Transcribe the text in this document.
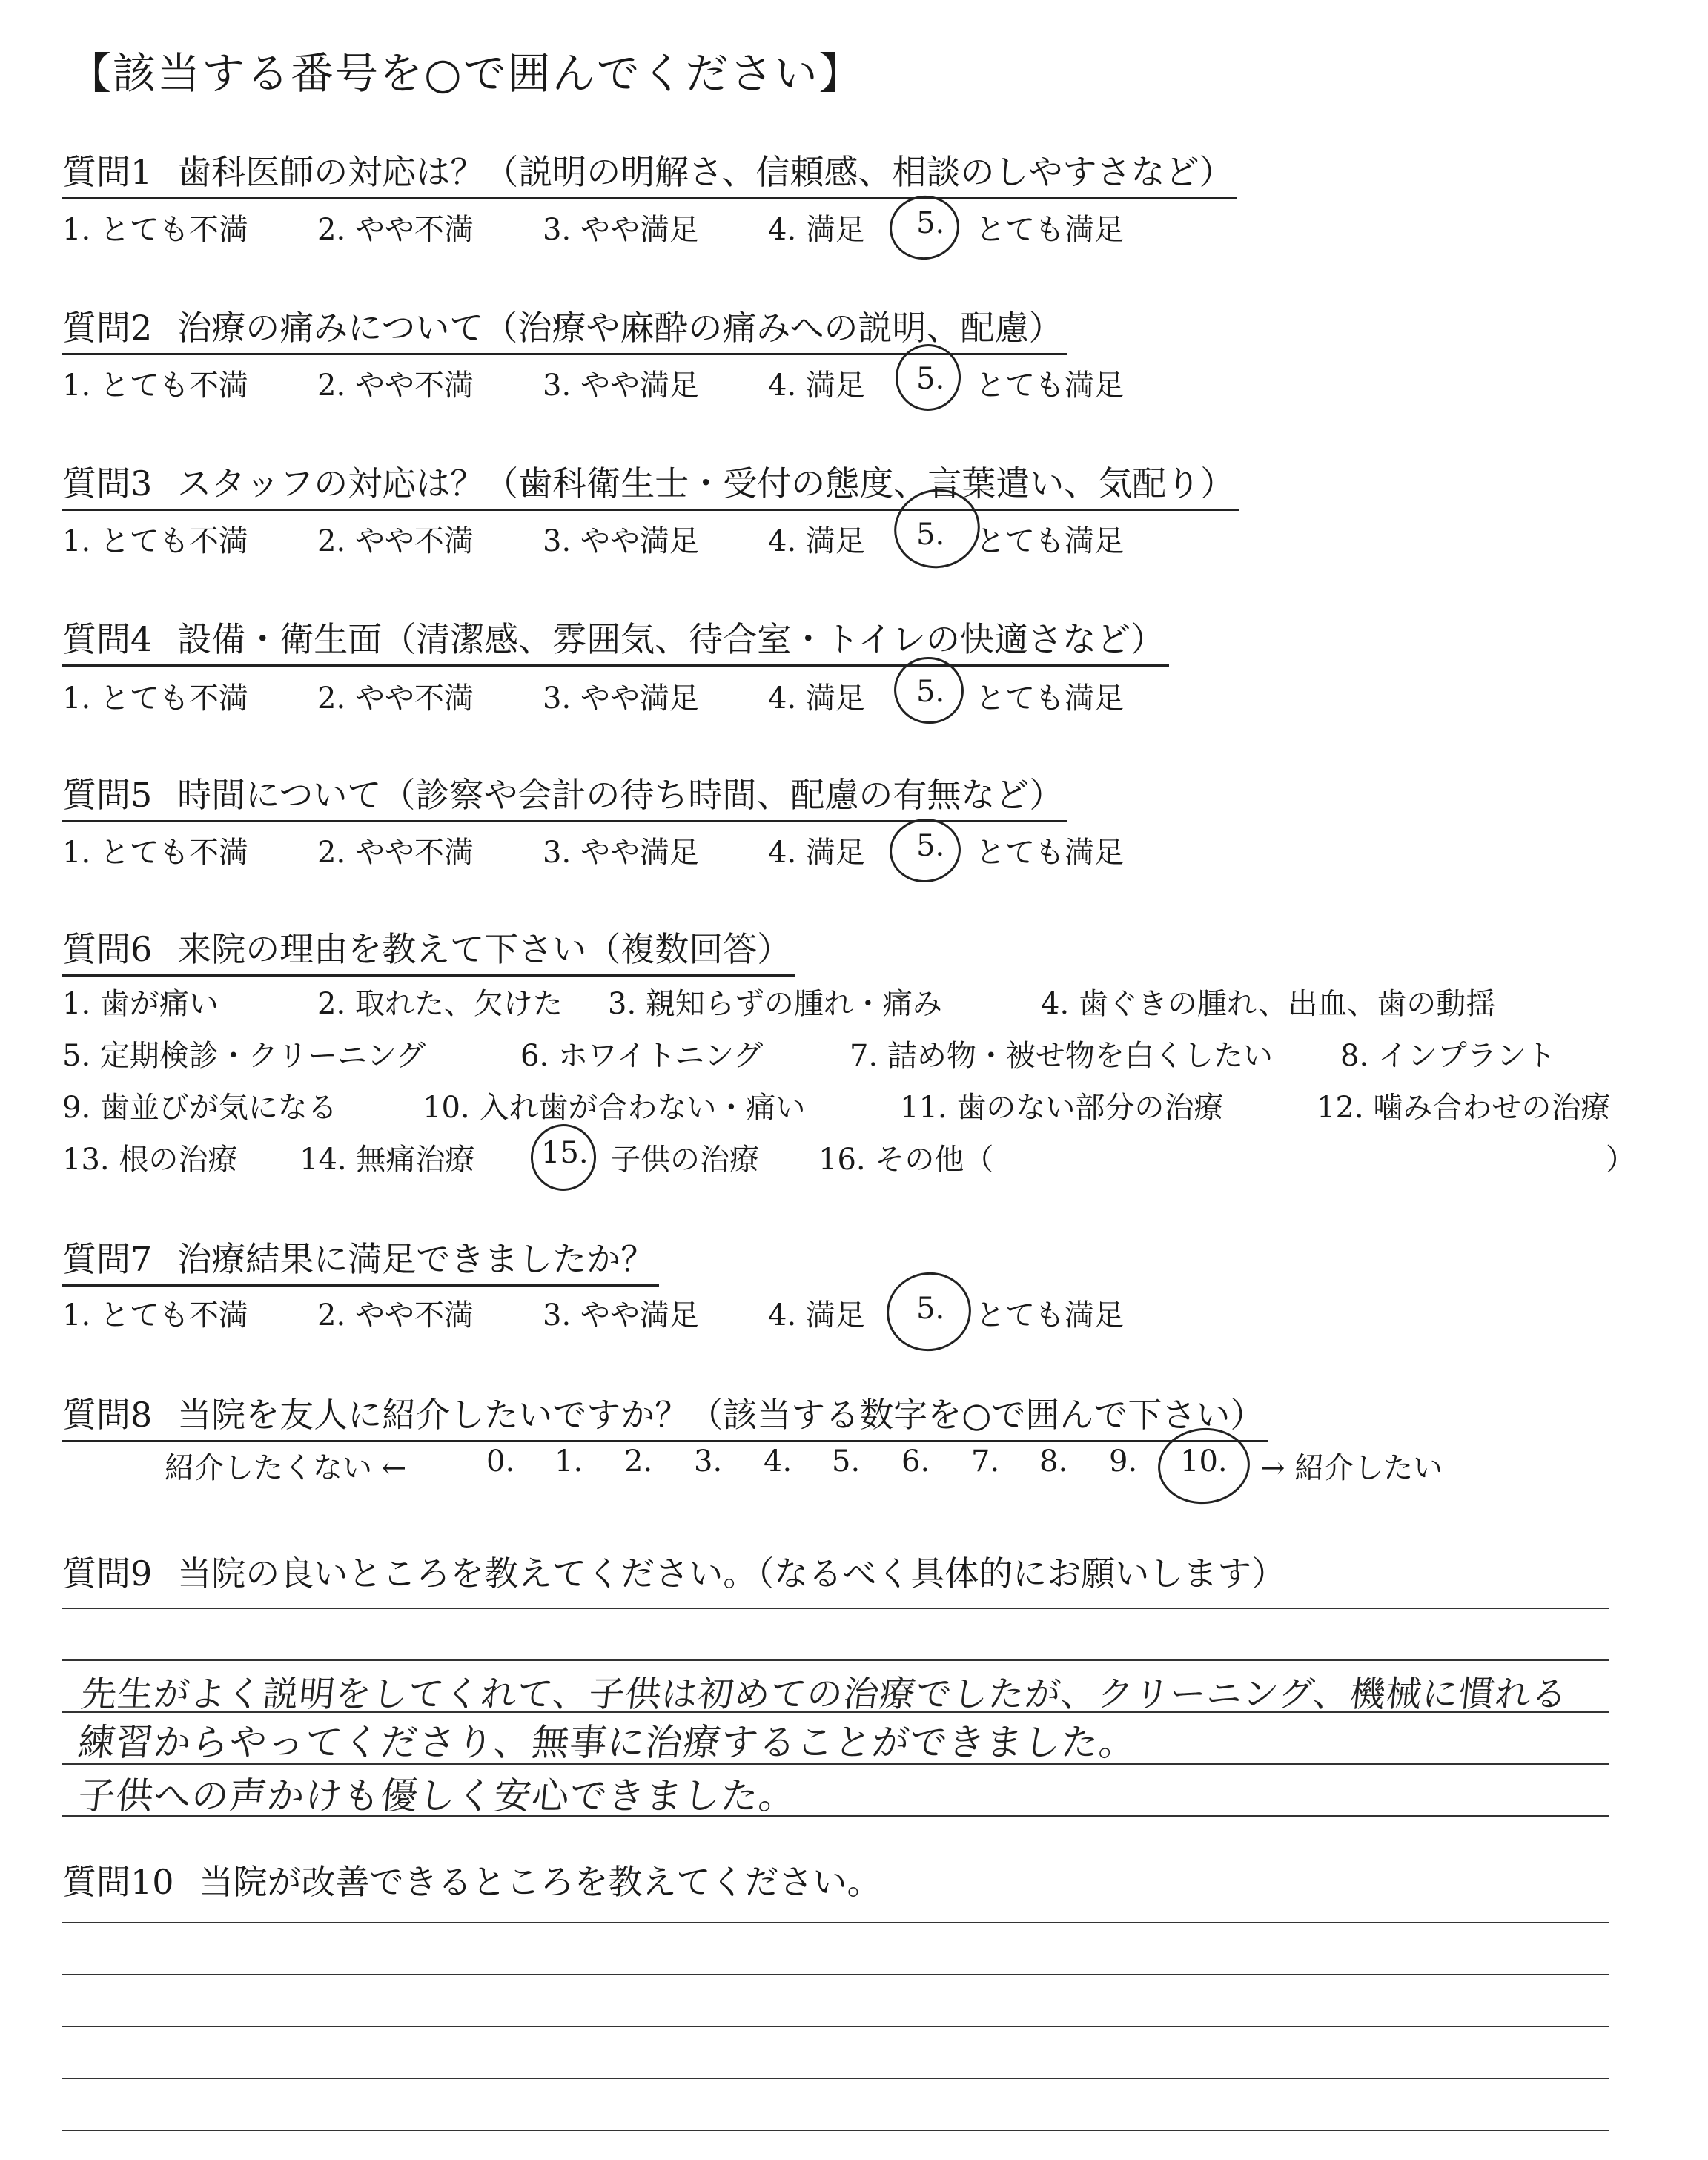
【該当する番号を○で囲んでください】
質問1 歯科医師の対応は？（説明の明解さ、信頼感、相談のしやすさなど）
1. とても不満 2. やや不満 3. やや満足 4. 満足 5. とても満足
質問2 治療の痛みについて（治療や麻酔の痛みへの説明、配慮）
1. とても不満 2. やや不満 3. やや満足 4. 満足 5. とても満足
質問3 スタッフの対応は？（歯科衛生士・受付の態度、言葉遣い、気配り）
1. とても不満 2. やや不満 3. やや満足 4. 満足 5. とても満足
質問4 設備・衛生面（清潔感、雰囲気、待合室・トイレの快適さなど）
1. とても不満 2. やや不満 3. やや満足 4. 満足 5. とても満足
質問5 時間について（診察や会計の待ち時間、配慮の有無など）
1. とても不満 2. やや不満 3. やや満足 4. 満足 5. とても満足
質問6 来院の理由を教えて下さい（複数回答）
1. 歯が痛い	2. 取れた、欠けた 3. 親知らずの腫れ・痛み	4. 歯ぐきの腫れ、出血、歯の動揺
5. 定期検診・クリーニング	6. ホワイトニング	7. 詰め物・被せ物を白くしたい 8. インプラント
9. 歯並びが気になる	10. 入れ歯が合わない・痛い	11. 歯のない部分の治療	12. 噛み合わせの治療
13. 根の治療 14. 無痛治療 15. 子供の治療 16. その他（	）
質問7 治療結果に満足できましたか？
1. とても不満 2. やや不満 3. やや満足 4. 満足 5. とても満足
質問8 当院を友人に紹介したいですか？（該当する数字を○で囲んで下さい）
紹介したくない ←	0. 1. 2. 3. 4. 5. 6. 7. 8. 9. 10. → 紹介したい
質問9 当院の良いところを教えてください。（なるべく具体的にお願いします）
先生がよく説明をしてくれて、子供は初めての治療でしたが、クリーニング、機械に慣れる
練習からやってくださり、無事に治療することができました。
子供への声かけも優しく安心できました。
質問10 当院が改善できるところを教えてください。
